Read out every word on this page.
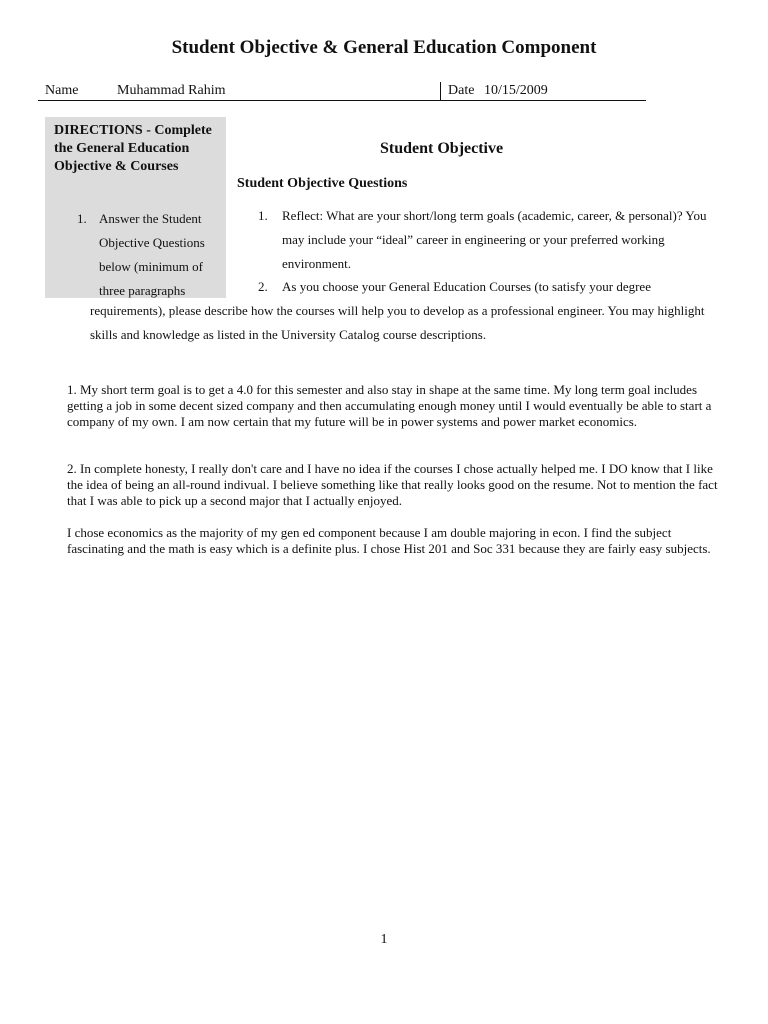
Student Objective & General Education Component
Name	Muhammad Rahim	Date 10/15/2009
DIRECTIONS - Complete the General Education Objective & Courses
1. Answer the Student Objective Questions below (minimum of three paragraphs
Student Objective
Student Objective Questions
1. Reflect: What are your short/long term goals (academic, career, & personal)? You may include your “ideal” career in engineering or your preferred working environment.
2. As you choose your General Education Courses (to satisfy your degree
requirements), please describe how the courses will help you to develop as a professional engineer. You may highlight skills and knowledge as listed in the University Catalog course descriptions.
1. My short term goal is to get a 4.0 for this semester and also stay in shape at the same time. My long term goal includes getting a job in some decent sized company and then accumulating enough money until I would eventually be able to start a company of my own. I am now certain that my future will be in power systems and power market economics.
2. In complete honesty, I really don't care and I have no idea if the courses I chose actually helped me. I DO know that I like the idea of being an all-round indivual. I believe something like that really looks good on the resume. Not to mention the fact that I was able to pick up a second major that I actually enjoyed.
I chose economics as the majority of my gen ed component because I am double majoring in econ. I find the subject fascinating and the math is easy which is a definite plus. I chose Hist 201 and Soc 331 because they are fairly easy subjects.
1
